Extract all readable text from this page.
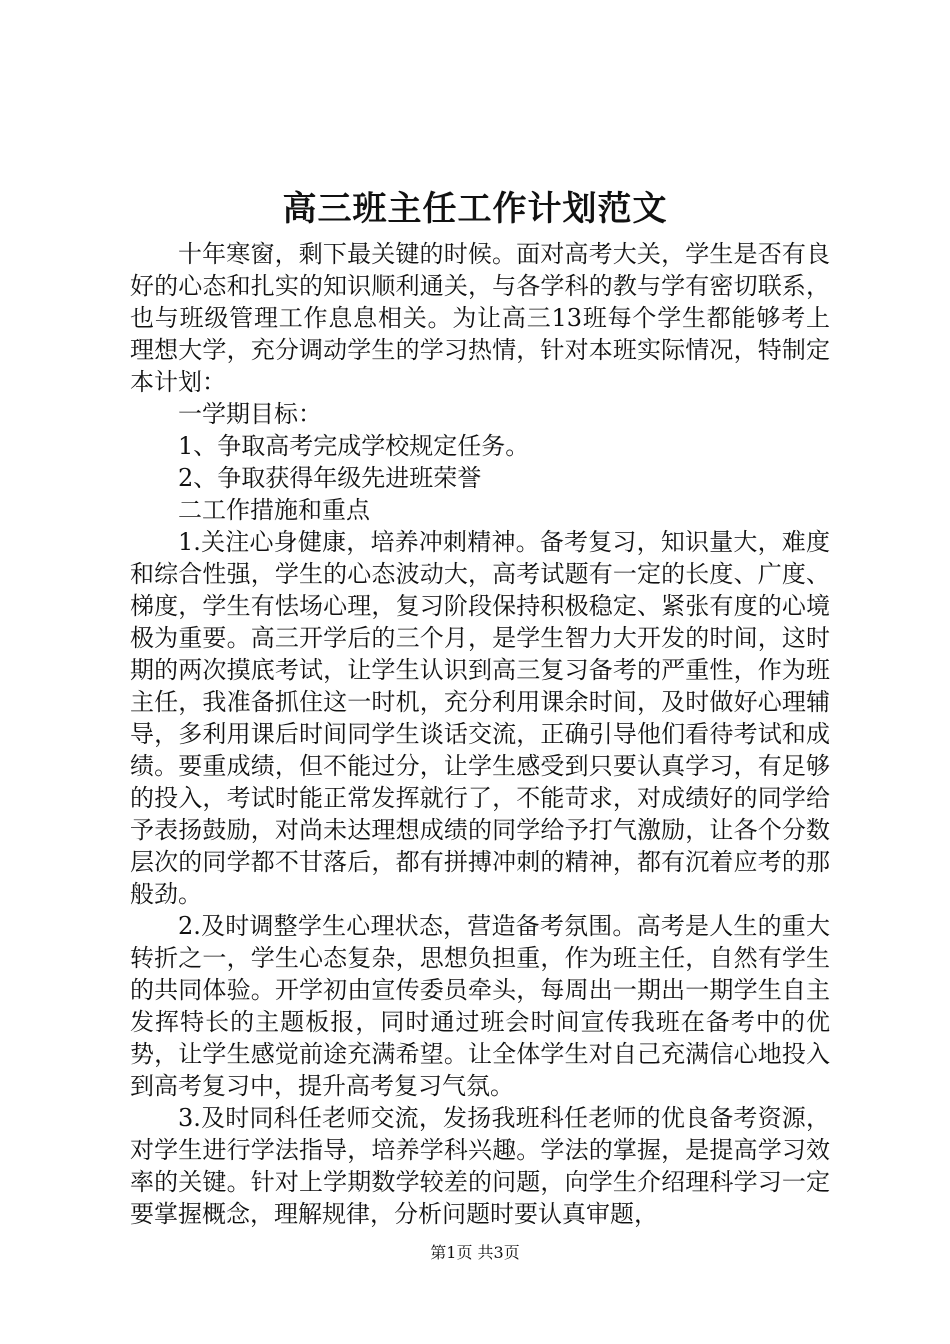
高三班主任工作计划范文

十年寒窗，剩下最关键的时候。面对高考大关，学生是否有良好的心态和扎实的知识顺利通关，与各学科的教与学有密切联系，也与班级管理工作息息相关。为让高三13班每个学生都能够考上理想大学，充分调动学生的学习热情，针对本班实际情况，特制定本计划：

一学期目标：

1、争取高考完成学校规定任务。

2、争取获得年级先进班荣誉

二工作措施和重点

1.关注心身健康，培养冲刺精神。备考复习，知识量大，难度和综合性强，学生的心态波动大，高考试题有一定的长度、广度、梯度，学生有怯场心理，复习阶段保持积极稳定、紧张有度的心境极为重要。高三开学后的三个月，是学生智力大开发的时间，这时期的两次摸底考试，让学生认识到高三复习备考的严重性，作为班主任，我准备抓住这一时机，充分利用课余时间，及时做好心理辅导，多利用课后时间同学生谈话交流，正确引导他们看待考试和成绩。要重成绩，但不能过分，让学生感受到只要认真学习，有足够的投入，考试时能正常发挥就行了，不能苛求，对成绩好的同学给予表扬鼓励，对尚未达理想成绩的同学给予打气激励，让各个分数层次的同学都不甘落后，都有拼搏冲刺的精神，都有沉着应考的那般劲。

2.及时调整学生心理状态，营造备考氛围。高考是人生的重大转折之一，学生心态复杂，思想负担重，作为班主任，自然有学生的共同体验。开学初由宣传委员牵头，每周出一期出一期学生自主发挥特长的主题板报，同时通过班会时间宣传我班在备考中的优势，让学生感觉前途充满希望。让全体学生对自己充满信心地投入到高考复习中，提升高考复习气氛。

3.及时同科任老师交流，发扬我班科任老师的优良备考资源，对学生进行学法指导，培养学科兴趣。学法的掌握，是提高学习效率的关键。针对上学期数学较差的问题，向学生介绍理科学习一定要掌握概念，理解规律，分析问题时要认真审题，

第1页 共3页
